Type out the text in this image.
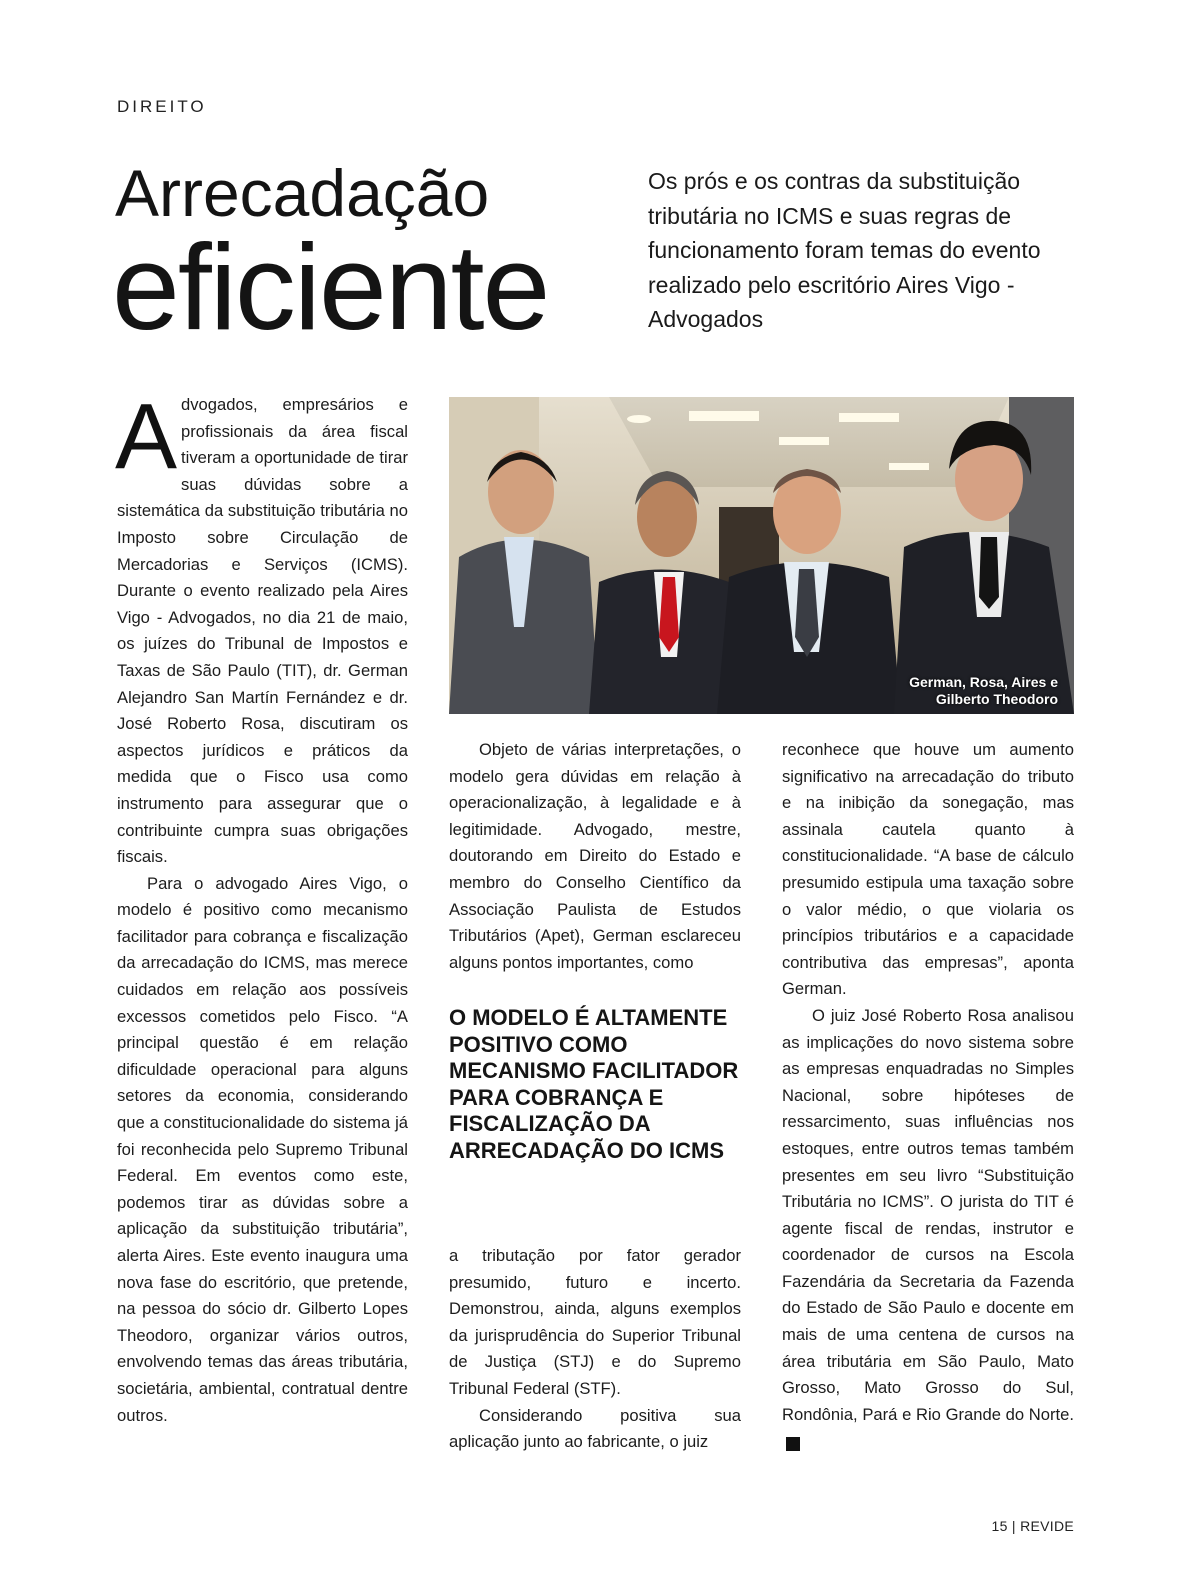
DIREITO
Arrecadação
eficiente

Os prós e os contras da substituição tributária no ICMS e suas regras de funcionamento foram temas do evento realizado pelo escritório Aires Vigo - Advogados

Advogados, empresários e profissionais da área fiscal tiveram a oportunidade de tirar suas dúvidas sobre a sistemática da substituição tributária no Imposto sobre Circulação de Mercadorias e Serviços (ICMS). Durante o evento realizado pela Aires Vigo - Advogados, no dia 21 de maio, os juízes do Tribunal de Impostos e Taxas de São Paulo (TIT), dr. German Alejandro San Martín Fernández e dr. José Roberto Rosa, discutiram os aspectos jurídicos e práticos da medida que o Fisco usa como instrumento para assegurar que o contribuinte cumpra suas obrigações fiscais.

Para o advogado Aires Vigo, o modelo é positivo como mecanismo facilitador para cobrança e fiscalização da arrecadação do ICMS, mas merece cuidados em relação aos possíveis excessos cometidos pelo Fisco. “A principal questão é em relação dificuldade operacional para alguns setores da economia, considerando que a constitucionalidade do sistema já foi reconhecida pelo Supremo Tribunal Federal. Em eventos como este, podemos tirar as dúvidas sobre a aplicação da substituição tributária”, alerta Aires. Este evento inaugura uma nova fase do escritório, que pretende, na pessoa do sócio dr. Gilberto Lopes Theodoro, organizar vários outros, envolvendo temas das áreas tributária, societária, ambiental, contratual dentre outros.

German, Rosa, Aires e
Gilberto Theodoro

Objeto de várias interpretações, o modelo gera dúvidas em relação à operacionalização, à legalidade e à legitimidade. Advogado, mestre, doutorando em Direito do Estado e membro do Conselho Científico da Associação Paulista de Estudos Tributários (Apet), German esclareceu alguns pontos importantes, como

O MODELO É ALTAMENTE POSITIVO COMO MECANISMO FACILITADOR PARA COBRANÇA E FISCALIZAÇÃO DA ARRECADAÇÃO DO ICMS

a tributação por fator gerador presumido, futuro e incerto. Demonstrou, ainda, alguns exemplos da jurisprudência do Superior Tribunal de Justiça (STJ) e do Supremo Tribunal Federal (STF).

Considerando positiva sua aplicação junto ao fabricante, o juiz

reconhece que houve um aumento significativo na arrecadação do tributo e na inibição da sonegação, mas assinala cautela quanto à constitucionalidade. “A base de cálculo presumido estipula uma taxação sobre o valor médio, o que violaria os princípios tributários e a capacidade contributiva das empresas”, aponta German.

O juiz José Roberto Rosa analisou as implicações do novo sistema sobre as empresas enquadradas no Simples Nacional, sobre hipóteses de ressarcimento, suas influências nos estoques, entre outros temas também presentes em seu livro “Substituição Tributária no ICMS”. O jurista do TIT é agente fiscal de rendas, instrutor e coordenador de cursos na Escola Fazendária da Secretaria da Fazenda do Estado de São Paulo e docente em mais de uma centena de cursos na área tributária em São Paulo, Mato Grosso, Mato Grosso do Sul, Rondônia, Pará e Rio Grande do Norte.r

15 | REVIDE
